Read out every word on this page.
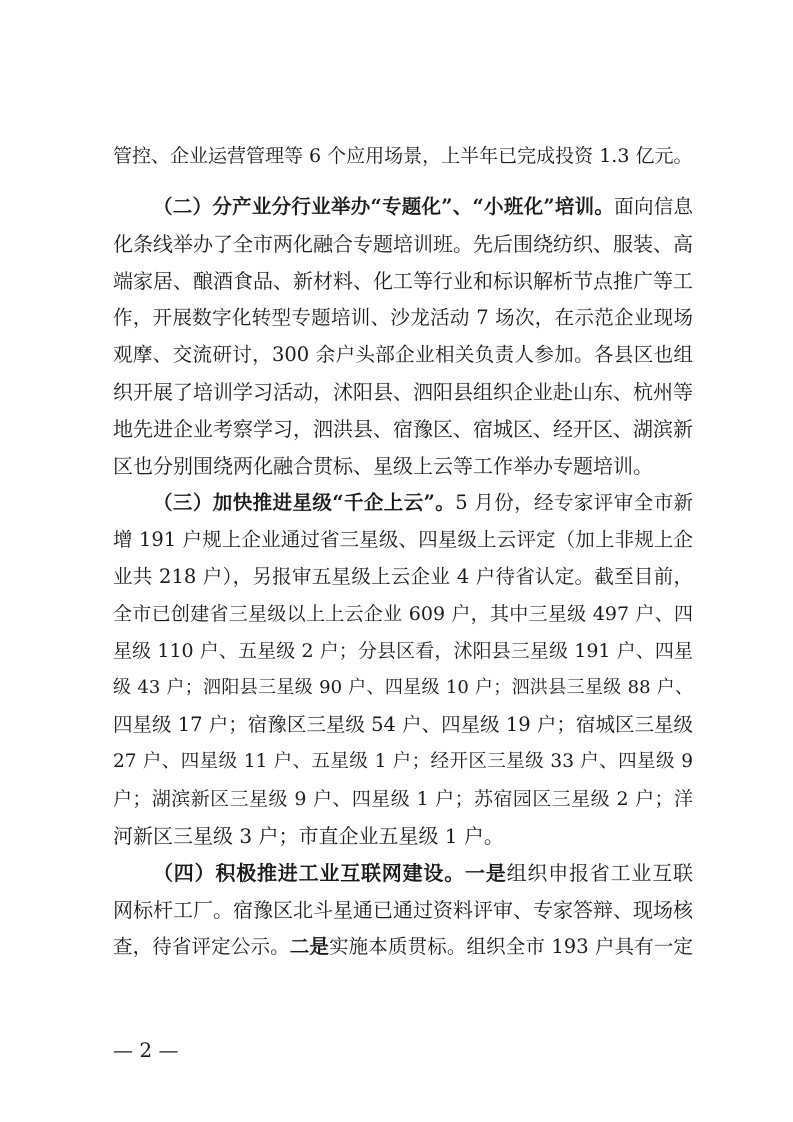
管控、企业运营管理等 6 个应用场景，上半年已完成投资 1.3 亿元。
（二）分产业分行业举办“专题化”、“小班化”培训。面向信息
化条线举办了全市两化融合专题培训班。先后围绕纺织、服装、高
端家居、酿酒食品、新材料、化工等行业和标识解析节点推广等工
作，开展数字化转型专题培训、沙龙活动 7 场次，在示范企业现场
观摩、交流研讨，300 余户头部企业相关负责人参加。各县区也组
织开展了培训学习活动，沭阳县、泗阳县组织企业赴山东、杭州等
地先进企业考察学习，泗洪县、宿豫区、宿城区、经开区、湖滨新
区也分别围绕两化融合贯标、星级上云等工作举办专题培训。
（三）加快推进星级“千企上云”。5 月份，经专家评审全市新
增 191 户规上企业通过省三星级、四星级上云评定（加上非规上企
业共 218 户），另报审五星级上云企业 4 户待省认定。截至目前，
全市已创建省三星级以上上云企业 609 户，其中三星级 497 户、四
星级 110 户、五星级 2 户；分县区看，沭阳县三星级 191 户、四星
级 43 户；泗阳县三星级 90 户、四星级 10 户；泗洪县三星级 88 户、
四星级 17 户；宿豫区三星级 54 户、四星级 19 户；宿城区三星级
27 户、四星级 11 户、五星级 1 户；经开区三星级 33 户、四星级 9
户；湖滨新区三星级 9 户、四星级 1 户；苏宿园区三星级 2 户；洋
河新区三星级 3 户；市直企业五星级 1 户。
（四）积极推进工业互联网建设。一是组织申报省工业互联
网标杆工厂。宿豫区北斗星通已通过资料评审、专家答辩、现场核
查，待省评定公示。二是实施本质贯标。组织全市 193 户具有一定
— 2 —
